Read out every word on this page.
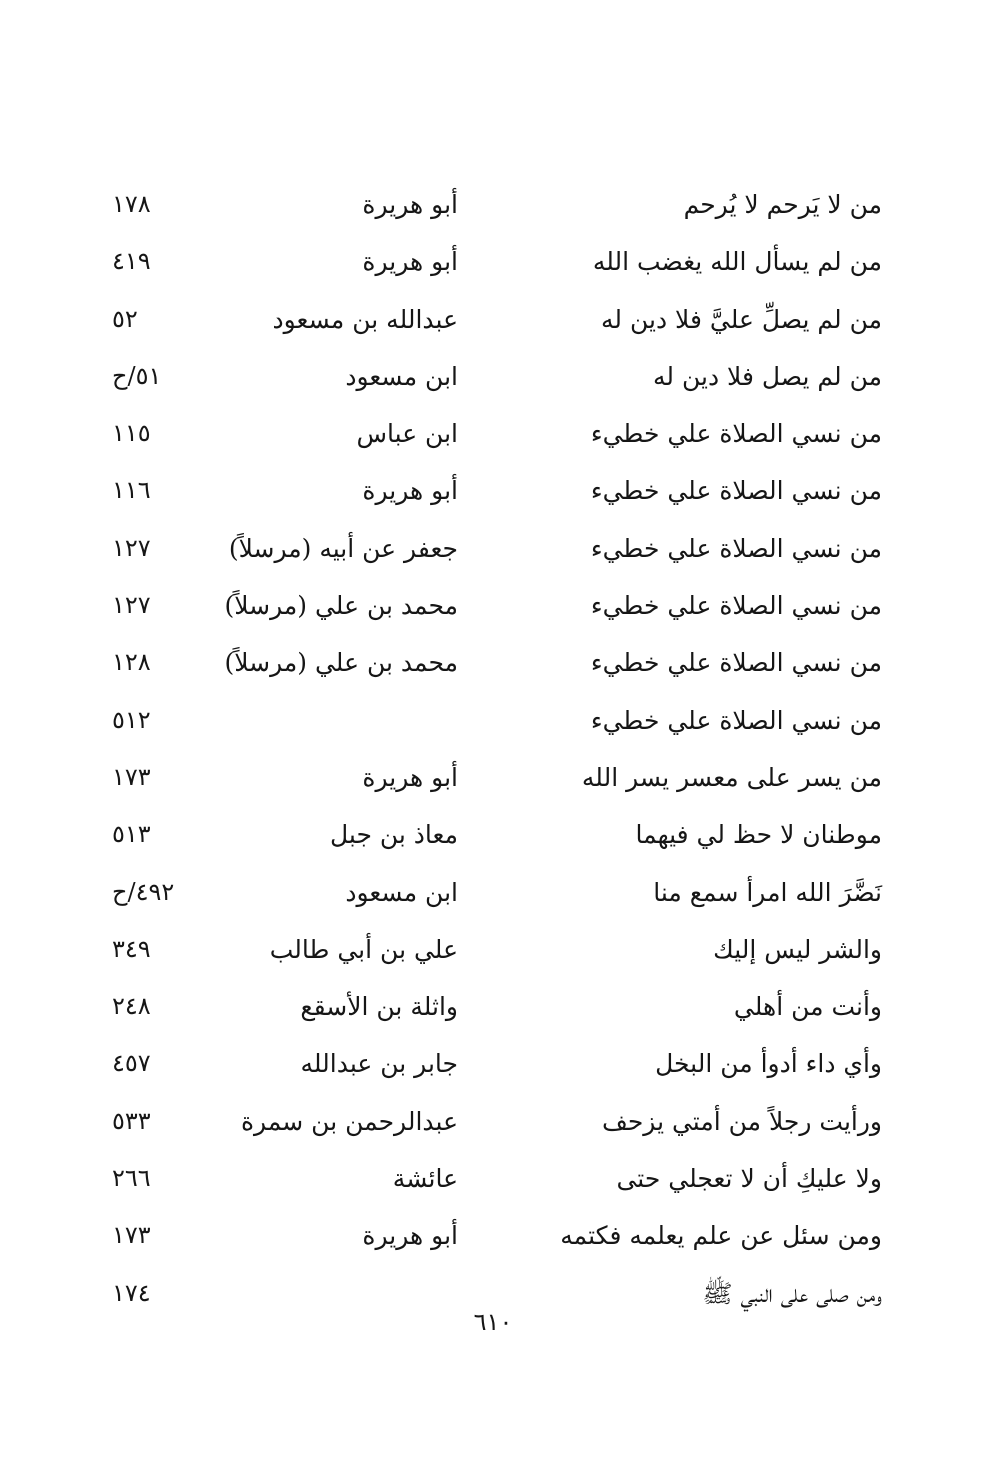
من لا يَرحم لا يُرحم
أبو هريرة
١٧٨
من لم يسأل الله يغضب الله
أبو هريرة
٤١٩
من لم يصلِّ عليَّ فلا دين له
عبدالله بن مسعود
٥٢
من لم يصل فلا دين له
ابن مسعود
٥١/ح
من نسي الصلاة علي خطيء
ابن عباس
١١٥
من نسي الصلاة علي خطيء
أبو هريرة
١١٦
من نسي الصلاة علي خطيء
جعفر عن أبيه (مرسلاً)
١٢٧
من نسي الصلاة علي خطيء
محمد بن علي (مرسلاً)
١٢٧
من نسي الصلاة علي خطيء
محمد بن علي (مرسلاً)
١٢٨
من نسي الصلاة علي خطيء
٥١٢
من يسر على معسر يسر الله
أبو هريرة
١٧٣
موطنان لا حظ لي فيهما
معاذ بن جبل
٥١٣
نَضَّرَ الله امرأ سمع منا
ابن مسعود
٤٩٢/ح
والشر ليس إليك
علي بن أبي طالب
٣٤٩
وأنت من أهلي
واثلة بن الأسقع
٢٤٨
وأي داء أدوأ من البخل
جابر بن عبدالله
٤٥٧
ورأيت رجلاً من أمتي يزحف
عبدالرحمن بن سمرة
٥٣٣
ولا عليكِ أن لا تعجلي حتى
عائشة
٢٦٦
ومن سئل عن علم يعلمه فكتمه
أبو هريرة
١٧٣
ومن صلى على النبي ﷺ
١٧٤
٦١٠
